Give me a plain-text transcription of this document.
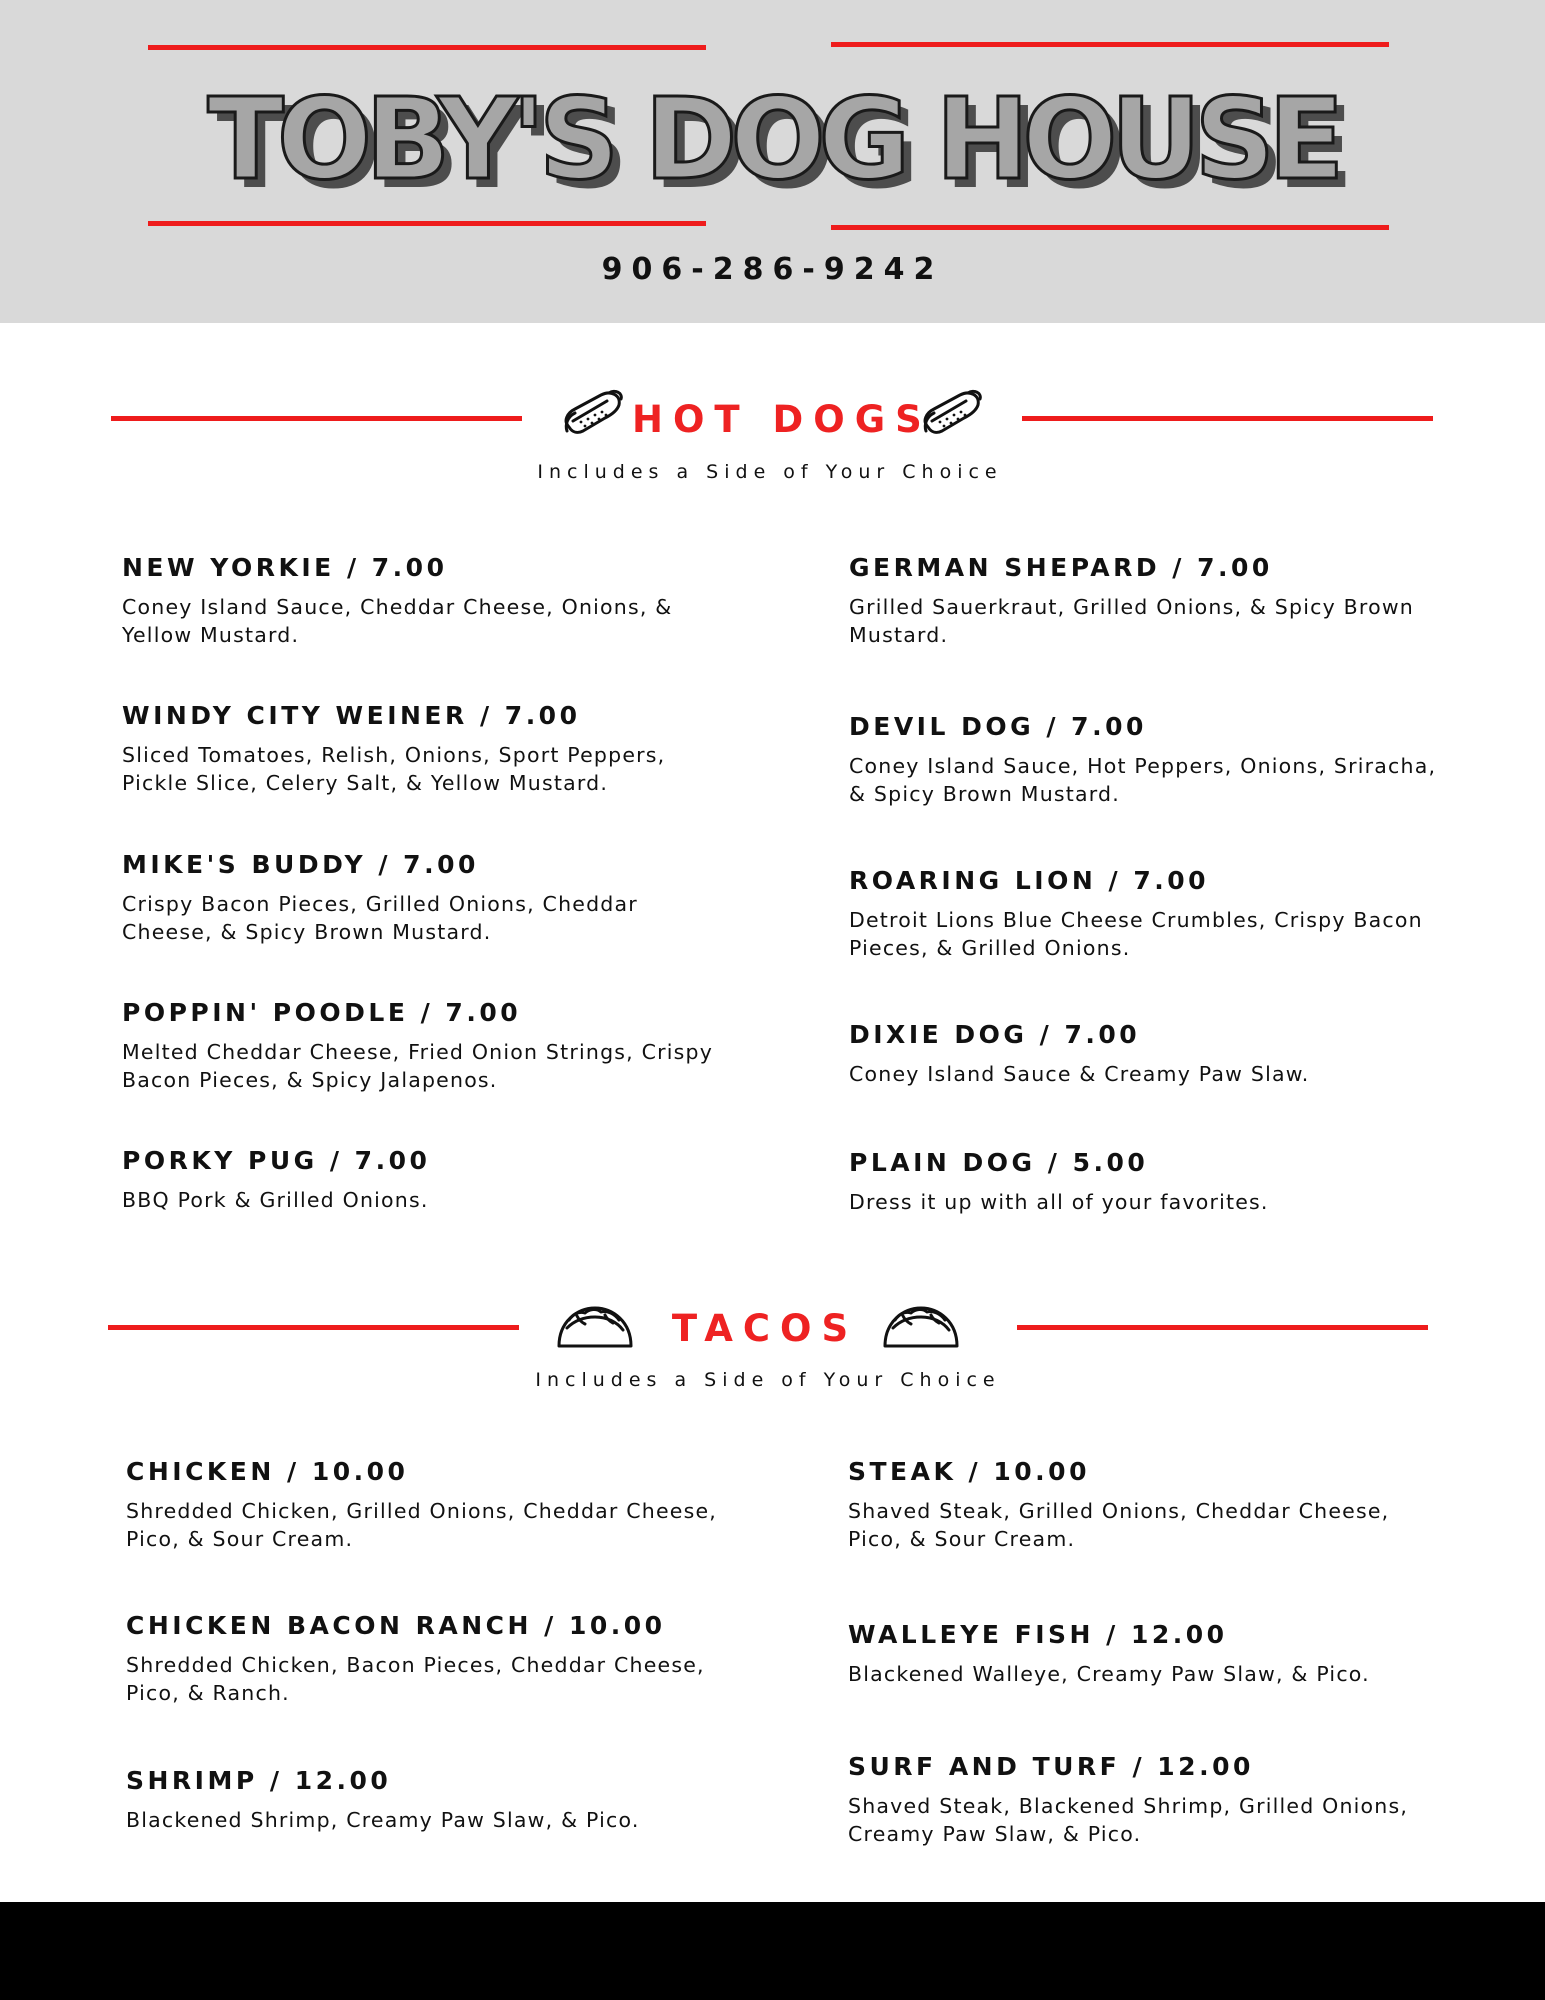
TOBY'S DOG HOUSE
906-286-9242
HOT DOGS
Includes a Side of Your Choice
NEW YORKIE / 7.00
Coney Island Sauce, Cheddar Cheese, Onions, & Yellow Mustard.
WINDY CITY WEINER / 7.00
Sliced Tomatoes, Relish, Onions, Sport Peppers, Pickle Slice, Celery Salt, & Yellow Mustard.
MIKE'S BUDDY / 7.00
Crispy Bacon Pieces, Grilled Onions, Cheddar Cheese, & Spicy Brown Mustard.
POPPIN' POODLE / 7.00
Melted Cheddar Cheese, Fried Onion Strings, Crispy Bacon Pieces, & Spicy Jalapenos.
PORKY PUG / 7.00
BBQ Pork & Grilled Onions.
GERMAN SHEPARD / 7.00
Grilled Sauerkraut, Grilled Onions, & Spicy Brown Mustard.
DEVIL DOG / 7.00
Coney Island Sauce, Hot Peppers, Onions, Sriracha, & Spicy Brown Mustard.
ROARING LION / 7.00
Detroit Lions Blue Cheese Crumbles, Crispy Bacon Pieces, & Grilled Onions.
DIXIE DOG / 7.00
Coney Island Sauce & Creamy Paw Slaw.
PLAIN DOG / 5.00
Dress it up with all of your favorites.
TACOS
Includes a Side of Your Choice
CHICKEN / 10.00
Shredded Chicken, Grilled Onions, Cheddar Cheese, Pico, & Sour Cream.
CHICKEN BACON RANCH / 10.00
Shredded Chicken, Bacon Pieces, Cheddar Cheese, Pico, & Ranch.
SHRIMP / 12.00
Blackened Shrimp, Creamy Paw Slaw, & Pico.
STEAK / 10.00
Shaved Steak, Grilled Onions, Cheddar Cheese, Pico, & Sour Cream.
WALLEYE FISH / 12.00
Blackened Walleye, Creamy Paw Slaw, & Pico.
SURF AND TURF / 12.00
Shaved Steak, Blackened Shrimp, Grilled Onions, Creamy Paw Slaw, & Pico.
